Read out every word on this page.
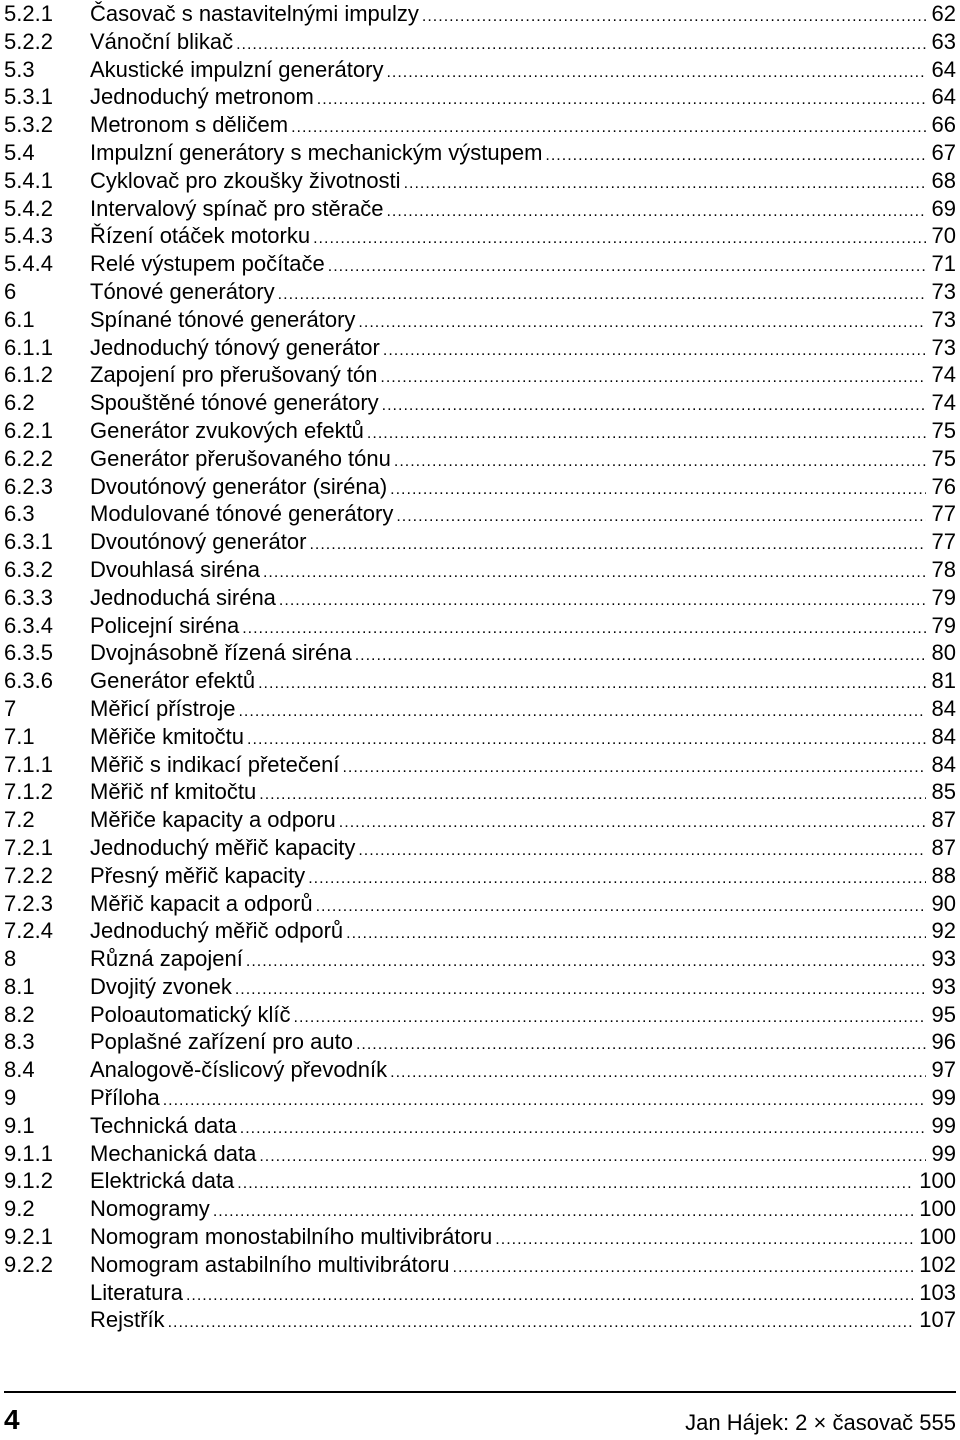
5.2.1	Časovač s nastavitelnými impulzy .....	62
5.2.2	Vánoční blikač .....	63
5.3	Akustické impulzní generátory .....	64
5.3.1	Jednoduchý metronom .....	64
5.3.2	Metronom s děličem .....	66
5.4	Impulzní generátory s mechanickým výstupem .....	67
5.4.1	Cyklovač pro zkoušky životnosti .....	68
5.4.2	Intervalový spínač pro stěrače .....	69
5.4.3	Řízení otáček motorku .....	70
5.4.4	Relé výstupem počítače .....	71
6	Tónové generátory .....	73
6.1	Spínané tónové generátory .....	73
6.1.1	Jednoduchý tónový generátor .....	73
6.1.2	Zapojení pro přerušovaný tón .....	74
6.2	Spouštěné tónové generátory .....	74
6.2.1	Generátor zvukových efektů .....	75
6.2.2	Generátor přerušovaného tónu .....	75
6.2.3	Dvoutónový generátor (siréna) .....	76
6.3	Modulované tónové generátory .....	77
6.3.1	Dvoutónový generátor .....	77
6.3.2	Dvouhlasá siréna .....	78
6.3.3	Jednoduchá siréna .....	79
6.3.4	Policejní siréna .....	79
6.3.5	Dvojnásobně řízená siréna .....	80
6.3.6	Generátor efektů .....	81
7	Měřicí přístroje .....	84
7.1	Měřiče kmitočtu .....	84
7.1.1	Měřič s indikací přetečení .....	84
7.1.2	Měřič nf kmitočtu .....	85
7.2	Měřiče kapacity a odporu .....	87
7.2.1	Jednoduchý měřič kapacity .....	87
7.2.2	Přesný měřič kapacity .....	88
7.2.3	Měřič kapacit a odporů .....	90
7.2.4	Jednoduchý měřič odporů .....	92
8	Různá zapojení .....	93
8.1	Dvojitý zvonek .....	93
8.2	Poloautomatický klíč .....	95
8.3	Poplašné zařízení pro auto .....	96
8.4	Analogově-číslicový převodník .....	97
9	Příloha .....	99
9.1	Technická data .....	99
9.1.1	Mechanická data .....	99
9.1.2	Elektrická data .....	100
9.2	Nomogramy .....	100
9.2.1	Nomogram monostabilního multivibrátoru .....	100
9.2.2	Nomogram astabilního multivibrátoru .....	102
Literatura .....	103
Rejstřík .....	107
4	Jan Hájek: 2 × časovač 555
